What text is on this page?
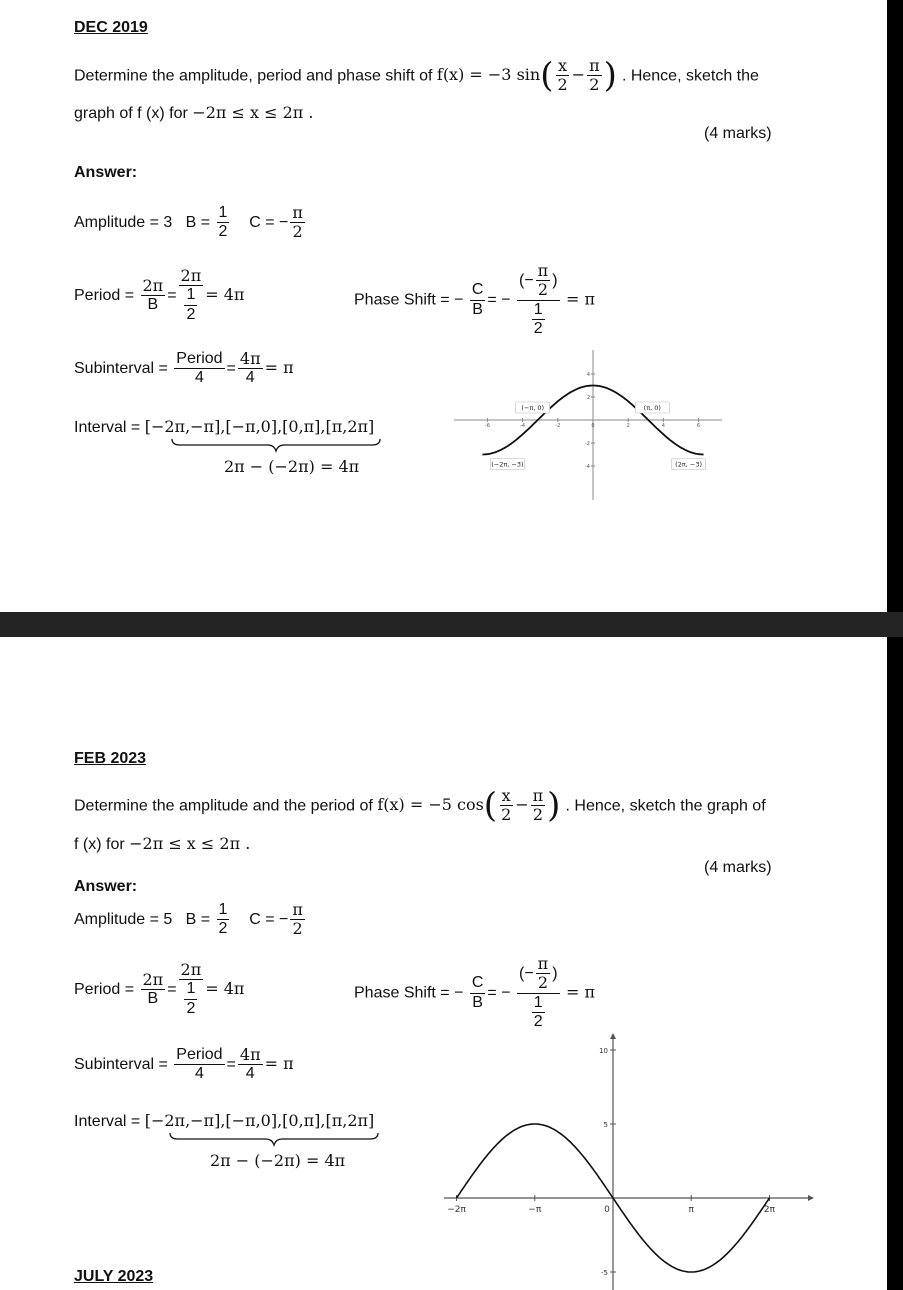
DEC 2019
Determine the amplitude, period and phase shift of f(x) = −3 $\sin( \frac{x}{2} - \frac{\pi}{2}$ ) . Hence, sketch the
graph of f (x) for −2π ≤ x ≤ 2π .
(4 marks)
Answer:
Amplitude = 3 $B = \frac{1}{2}$ C = − $\frac{\pi}{2}$
Period = $\frac{2\pi}{B} = \frac{2\pi}{\frac{1}{2}} = 4\pi$	Phase Shift = − $\frac{C}{B}$ = − $\frac{(- \frac{\pi}{2} )}{\frac{1}{2}} = \pi$
Subinterval = $\frac{\text{Period}}{4} = \frac{4\pi}{4} = \pi$
Interval = [−2π,−π],[−π,0],[0,π],[π,2π]
2π − (−2π) = 4π
-6	-4	-2	0	2	4	6
4
2
-2
-4
(−π, 0)	(π, 0)
(−2π, −3)	(2π, −3)
FEB 2023
Determine the amplitude and the period of f(x) = −5 $\cos( \frac{x}{2} - \frac{\pi}{2}$ ) . Hence, sketch the graph of
f (x) for −2π ≤ x ≤ 2π .
(4 marks)
Answer:
Amplitude = 5 $B = \frac{1}{2}$ C = − $\frac{\pi}{2}$
Period = $\frac{2\pi}{B} = \frac{2\pi}{\frac{1}{2}} = 4\pi$	Phase Shift = − $\frac{C}{B}$ = − $\frac{(- \frac{\pi}{2} )}{\frac{1}{2}} = \pi$
Subinterval = $\frac{\text{Period}}{4} = \frac{4\pi}{4} = \pi$
Interval = [−2π,−π],[−π,0],[0,π],[π,2π]
2π − (−2π) = 4π
JULY 2023
−2π	−π	0	π	2π
10
5
-5
